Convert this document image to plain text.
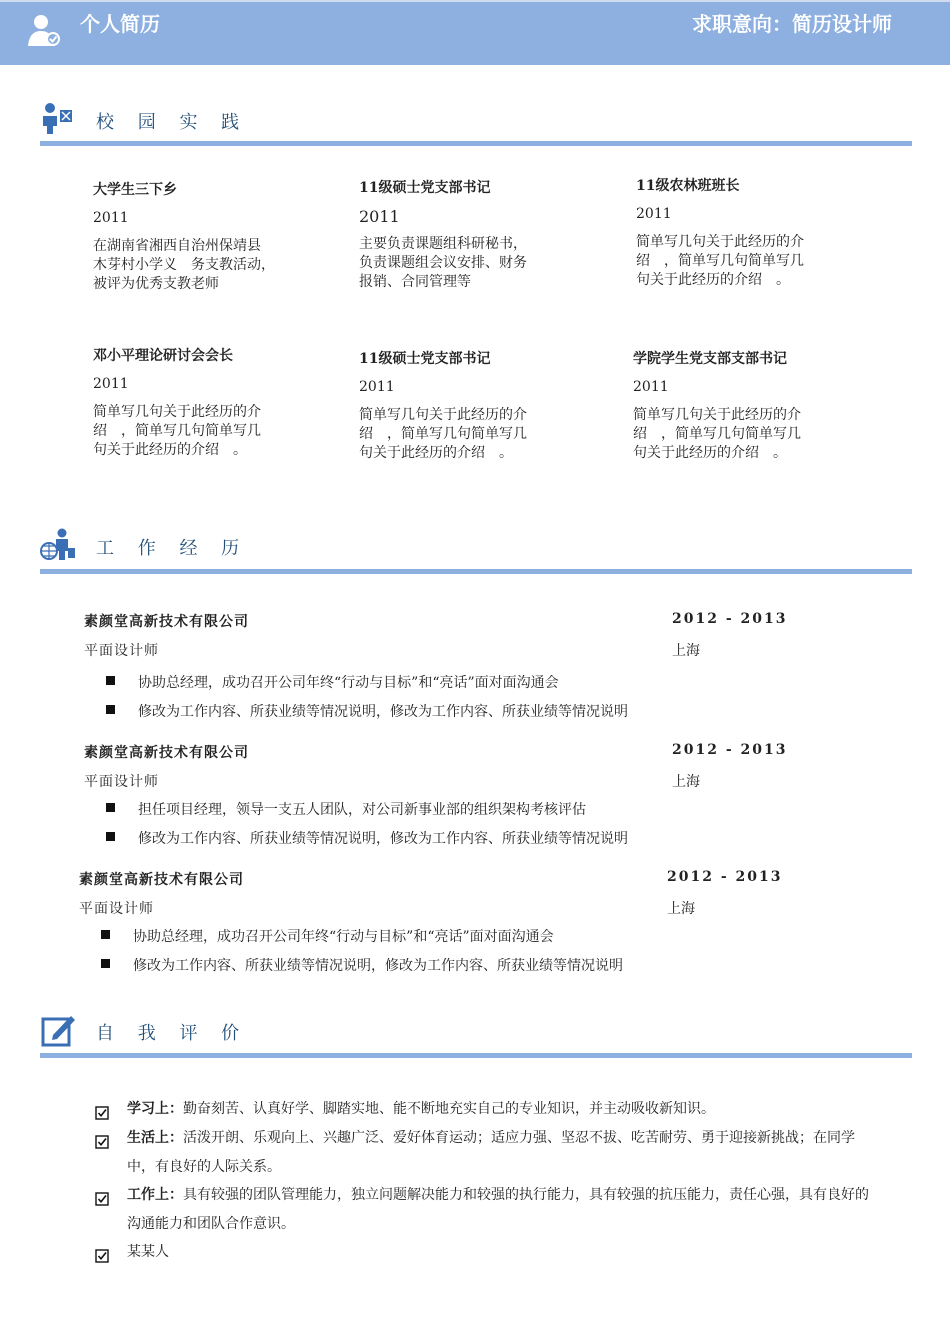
个人简历	求职意向：简历设计师
校 园 实 践
大学生三下乡
2011
在湖南省湘西自治州保靖县
木芽村小学义　务支教活动，
被评为优秀支教老师
11级硕士党支部书记
2011
主要负责课题组科研秘书，
负责课题组会议安排、财务
报销、合同管理等
11级农林班班长
2011
简单写几句关于此经历的介
绍　，简单写几句简单写几
句关于此经历的介绍　。
邓小平理论研讨会会长
2011
简单写几句关于此经历的介
绍　，简单写几句简单写几
句关于此经历的介绍　。
11级硕士党支部书记
2011
简单写几句关于此经历的介
绍　，简单写几句简单写几
句关于此经历的介绍　。
学院学生党支部支部书记
2011
简单写几句关于此经历的介
绍　，简单写几句简单写几
句关于此经历的介绍　。
工 作 经 历
素颜堂高新技术有限公司	2012 - 2013
平面设计师	上海
协助总经理，成功召开公司年终“行动与目标”和“亮话”面对面沟通会
修改为工作内容、所获业绩等情况说明，修改为工作内容、所获业绩等情况说明
素颜堂高新技术有限公司	2012 - 2013
平面设计师	上海
担任项目经理，领导一支五人团队，对公司新事业部的组织架构考核评估
修改为工作内容、所获业绩等情况说明，修改为工作内容、所获业绩等情况说明
素颜堂高新技术有限公司	2012 - 2013
平面设计师	上海
协助总经理，成功召开公司年终“行动与目标”和“亮话”面对面沟通会
修改为工作内容、所获业绩等情况说明，修改为工作内容、所获业绩等情况说明
自 我 评 价
学习上：勤奋刻苦、认真好学、脚踏实地、能不断地充实自己的专业知识，并主动吸收新知识。
生活上：活泼开朗、乐观向上、兴趣广泛、爱好体育运动；适应力强、坚忍不拔、吃苦耐劳、勇于迎接新挑战；在同学中，有良好的人际关系。
工作上：具有较强的团队管理能力，独立问题解决能力和较强的执行能力，具有较强的抗压能力，责任心强，具有良好的沟通能力和团队合作意识。
某某人
